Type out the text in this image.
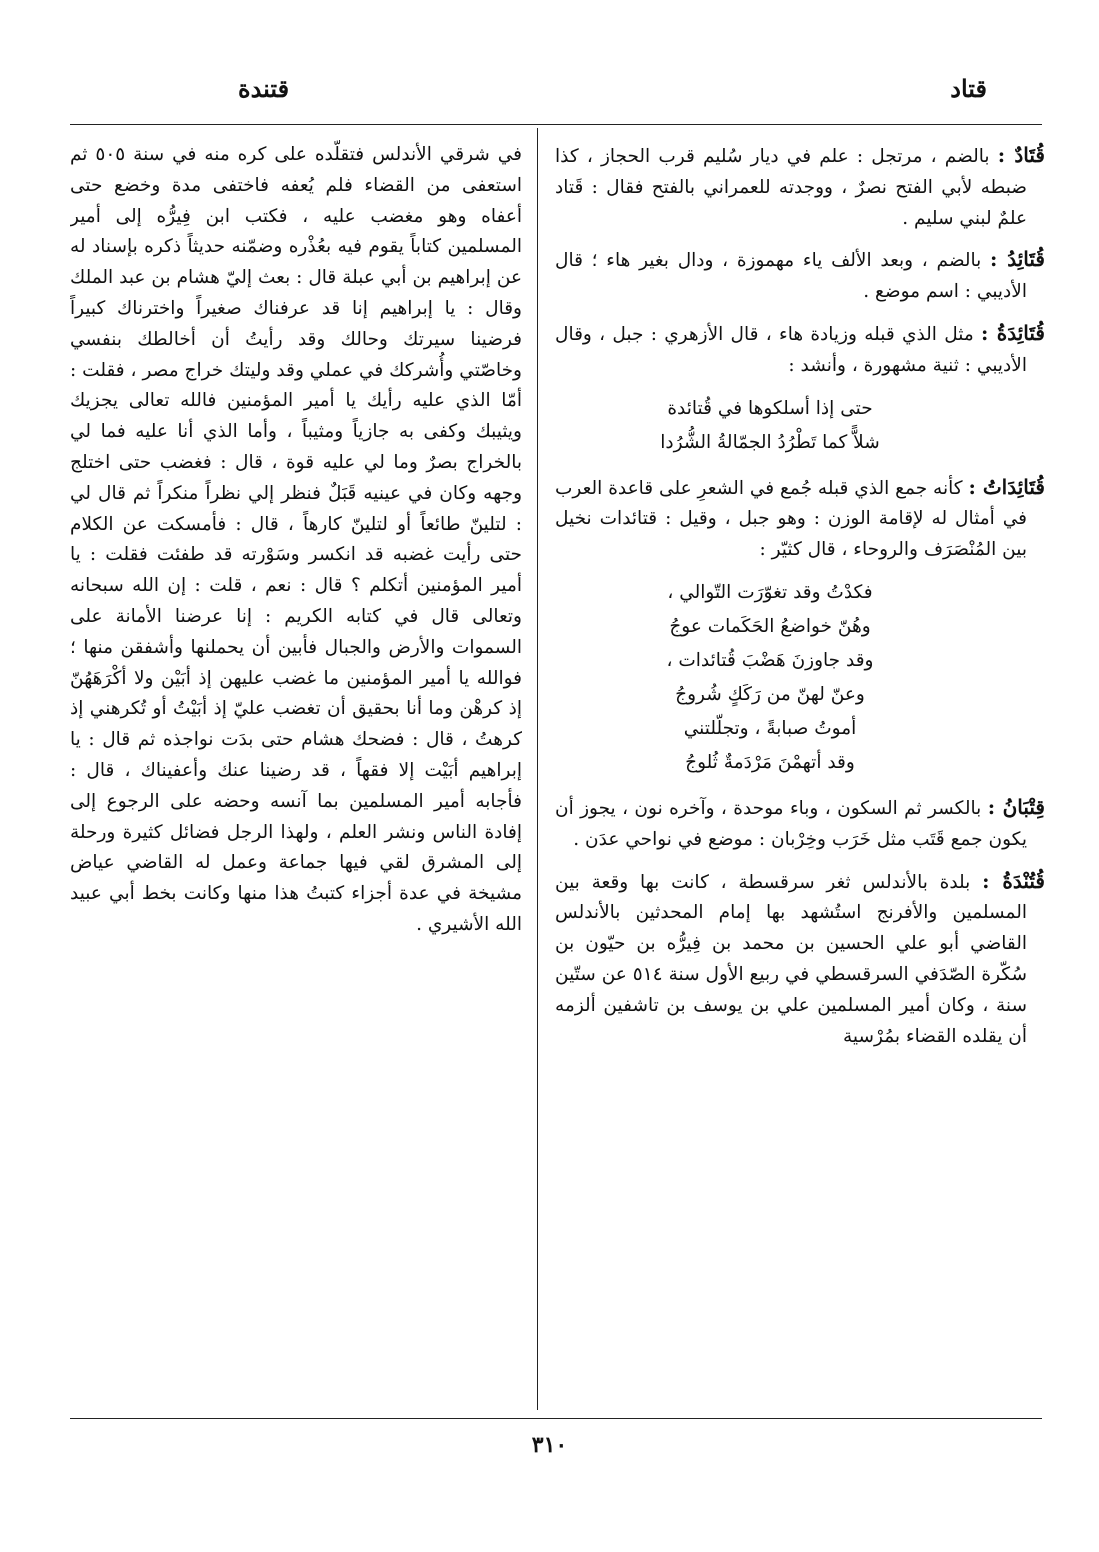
قتاد
قتندة
قُتَادٌ : بالضم ، مرتجل : علم في ديار سُليم قرب الحجاز ، كذا ضبطه لأبي الفتح نصرٌ ، ووجدته للعمراني بالفتح فقال : قَتاد علمٌ لبني سليم .
قُتَائِدُ : بالضم ، وبعد الألف ياء مهموزة ، ودال بغير هاء ؛ قال الأديبي : اسم موضع .
قُتَائِدَةُ : مثل الذي قبله وزيادة هاء ، قال الأزهري : جبل ، وقال الأديبي : ثنية مشهورة ، وأنشد :
حتى إذا أسلكوها في قُتائدة
شلاًّ كما تَطْرُدُ الجمّالةُ الشُّرُدا
قُتَائِدَاتُ : كأنه جمع الذي قبله جُمع في الشعرِ على قاعدة العرب في أمثال له لإقامة الوزن : وهو جبل ، وقيل : قتائدات نخيل بين المُنْصَرَف والروحاء ، قال كثيّر :
فكدْتُ وقد تغوّرَت التّوالي ،
وهُنّ خواضعُ الحَكَمات عوجُ
وقد جاوزنَ هَضْبَ قُتائدات ،
وعنّ لهنّ من رَكَكٍ شُروجُ
أموتُ صبابةً ، وتجلّلتني
وقد أتهمْنَ مَرْدَمةٌ ثُلوجُ
قِتْبَانُ : بالكسر ثم السكون ، وباء موحدة ، وآخره نون ، يجوز أن يكون جمع قَتَب مثل خَرَب وخِرْبان : موضع في نواحي عدَن .
قُتُنْدَةُ : بلدة بالأندلس ثغر سرقسطة ، كانت بها وقعة بين المسلمين والأفرنج استُشهد بها إمام المحدثين بالأندلس القاضي أبو علي الحسين بن محمد بن فِيرُّه بن حيّون بن سُكّرة الصّدَفي السرقسطي في ربيع الأول سنة ٥١٤ عن ستّين سنة ، وكان أمير المسلمين علي بن يوسف بن تاشفين ألزمه أن يقلده القضاء بمُرْسية

في شرقي الأندلس فتقلّده على كره منه في سنة ٥٠٥ ثم استعفى من القضاء فلم يُعفه فاختفى مدة وخضع حتى أعفاه وهو مغضب عليه ، فكتب ابن فِيرُّه إلى أمير المسلمين كتاباً يقوم فيه بعُذْره وضمّنه حديثاً ذكره بإسناد له عن إبراهيم بن أبي عبلة قال : بعث إليّ هشام بن عبد الملك وقال : يا إبراهيم إنا قد عرفناك صغيراً واخترناك كبيراً فرضينا سيرتك وحالك وقد رأيتُ أن أخالطك بنفسي وخاصّتي وأُشركك في عملي وقد وليتك خراج مصر ، فقلت : أمّا الذي عليه رأيك يا أمير المؤمنين فالله تعالى يجزيك ويثيبك وكفى به جازياً ومثيباً ، وأما الذي أنا عليه فما لي بالخراج بصرٌ وما لي عليه قوة ، قال : فغضب حتى اختلج وجهه وكان في عينيه قَبَلٌ فنظر إلي نظراً منكراً ثم قال لي : لتلينّ طائعاً أو لتلينّ كارهاً ، قال : فأمسكت عن الكلام حتى رأيت غضبه قد انكسر وسَوْرته قد طفئت فقلت : يا أمير المؤمنين أتكلم ؟ قال : نعم ، قلت : إن الله سبحانه وتعالى قال في كتابه الكريم : إنا عرضنا الأمانة على السموات والأرض والجبال فأبين أن يحملنها وأشفقن منها ؛ فوالله يا أمير المؤمنين ما غضب عليهن إذ أبَيْن ولا أكْرَهَهُنّ إذ كرهْن وما أنا بحقيق أن تغضب عليّ إذ أبَيْتُ أو تُكرهني إذ كرهتُ ، قال : فضحك هشام حتى بدَت نواجذه ثم قال : يا إبراهيم أبَيْت إلا فقهاً ، قد رضينا عنك وأعفيناك ، قال : فأجابه أمير المسلمين بما آنسه وحضه على الرجوع إلى إفادة الناس ونشر العلم ، ولهذا الرجل فضائل كثيرة ورحلة إلى المشرق لقي فيها جماعة وعمل له القاضي عياض مشيخة في عدة أجزاء كتبتُ هذا منها وكانت بخط أبي عبيد الله الأشيري .

٣١٠
